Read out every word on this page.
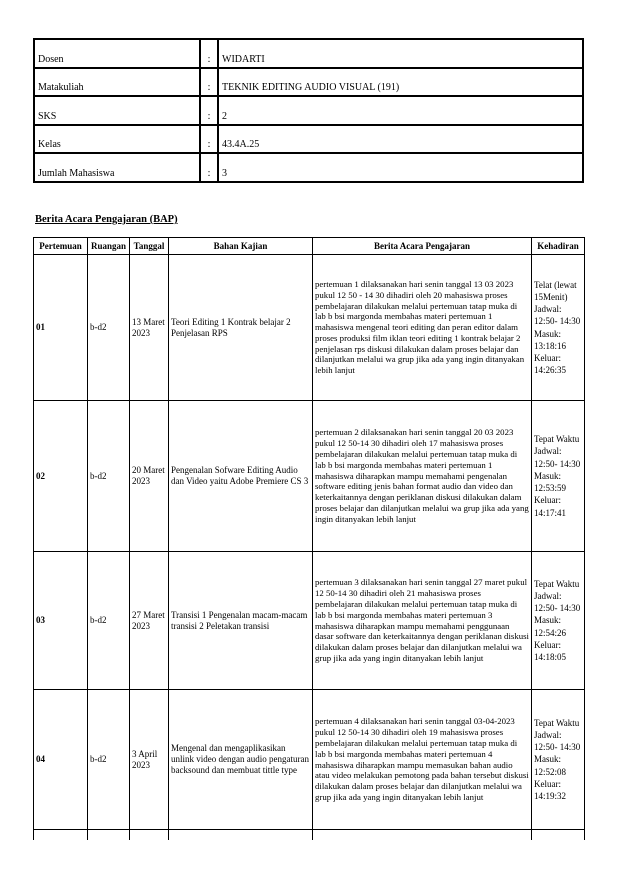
Dosen	:	WIDARTI
Matakuliah	:	TEKNIK EDITING AUDIO VISUAL (191)
SKS	:	2
Kelas	:	43.4A.25
Jumlah Mahasiswa	:	3
Berita Acara Pengajaran (BAP)
Pertemuan	Ruangan	Tanggal	Bahan Kajian	Berita Acara Pengajaran	Kehadiran
01	b-d2	13 Maret 2023	Teori Editing 1 Kontrak belajar 2 Penjelasan RPS	pertemuan 1 dilaksanakan hari senin tanggal 13 03 2023 pukul 12 50 - 14 30 dihadiri oleh 20 mahasiswa proses pembelajaran dilakukan melalui pertemuan tatap muka di lab b bsi margonda membahas materi pertemuan 1 mahasiswa mengenal teori editing dan peran editor dalam proses produksi film iklan teori editing 1 kontrak belajar 2 penjelasan rps diskusi dilakukan dalam proses belajar dan dilanjutkan melalui wa grup jika ada yang ingin ditanyakan lebih lanjut	Telat (lewat 15Menit) Jadwal: 12:50- 14:30 Masuk: 13:18:16 Keluar: 14:26:35
02	b-d2	20 Maret 2023	Pengenalan Sofware Editing Audio dan Video yaitu Adobe Premiere CS 3	pertemuan 2 dilaksanakan hari senin tanggal 20 03 2023 pukul 12 50-14 30 dihadiri oleh 17 mahasiswa proses pembelajaran dilakukan melalui pertemuan tatap muka di lab b bsi margonda membahas materi pertemuan 1 mahasiswa diharapkan mampu memahami pengenalan software editing jenis bahan format audio dan video dan keterkaitannya dengan periklanan diskusi dilakukan dalam proses belajar dan dilanjutkan melalui wa grup jika ada yang ingin ditanyakan lebih lanjut	Tepat Waktu Jadwal: 12:50- 14:30 Masuk: 12:53:59 Keluar: 14:17:41
03	b-d2	27 Maret 2023	Transisi 1 Pengenalan macam-macam transisi 2 Peletakan transisi	pertemuan 3 dilaksanakan hari senin tanggal 27 maret pukul 12 50-14 30 dihadiri oleh 21 mahasiswa proses pembelajaran dilakukan melalui pertemuan tatap muka di lab b bsi margonda membahas materi pertemuan 3 mahasiswa diharapkan mampu memahami penggunaan dasar software dan keterkaitannya dengan periklanan diskusi dilakukan dalam proses belajar dan dilanjutkan melalui wa grup jika ada yang ingin ditanyakan lebih lanjut	Tepat Waktu Jadwal: 12:50- 14:30 Masuk: 12:54:26 Keluar: 14:18:05
04	b-d2	3 April 2023	Mengenal dan mengaplikasikan unlink video dengan audio pengaturan backsound dan membuat tittle type	pertemuan 4 dilaksanakan hari senin tanggal 03-04-2023 pukul 12 50-14 30 dihadiri oleh 19 mahasiswa proses pembelajaran dilakukan melalui pertemuan tatap muka di lab b bsi margonda membahas materi pertemuan 4 mahasiswa diharapkan mampu memasukan bahan audio atau video melakukan pemotong pada bahan tersebut diskusi dilakukan dalam proses belajar dan dilanjutkan melalui wa grup jika ada yang ingin ditanyakan lebih lanjut	Tepat Waktu Jadwal: 12:50- 14:30 Masuk: 12:52:08 Keluar: 14:19:32
